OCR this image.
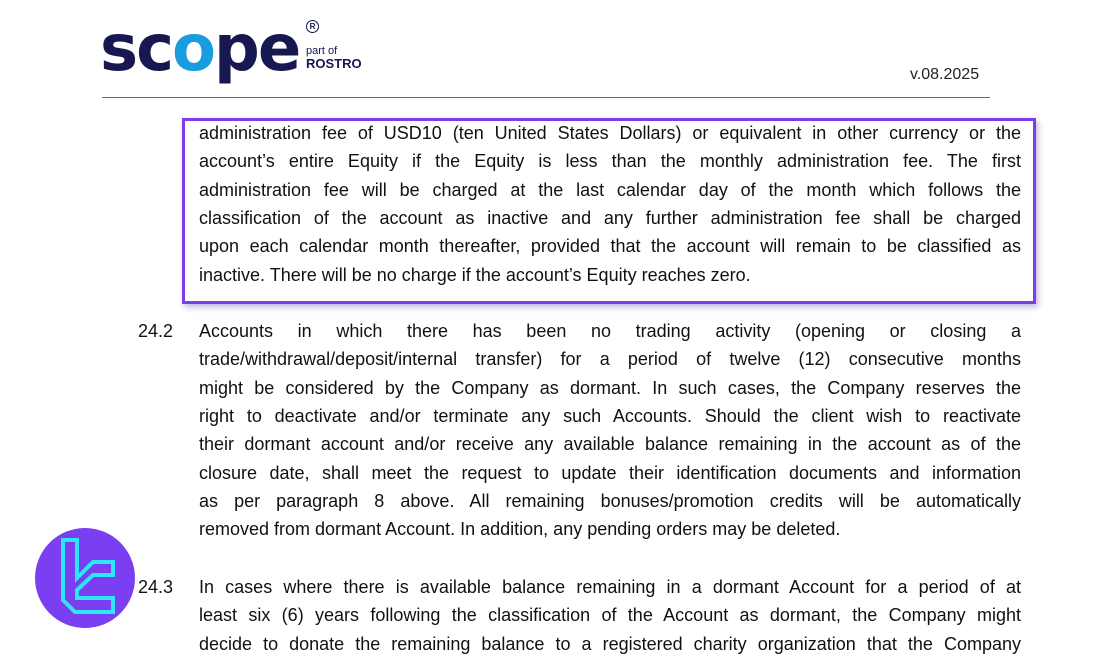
scope	R
part of
ROSTRO
v.08.2025
administration fee of USD10 (ten United States Dollars) or equivalent in other currency or the
account’s entire Equity if the Equity is less than the monthly administration fee. The first
administration fee will be charged at the last calendar day of the month which follows the
classification of the account as inactive and any further administration fee shall be charged
upon each calendar month thereafter, provided that the account will remain to be classified as
inactive. There will be no charge if the account’s Equity reaches zero.
24.2 Accounts in which there has been no trading activity (opening or closing a
trade/withdrawal/deposit/internal transfer) for a period of twelve (12) consecutive months
might be considered by the Company as dormant. In such cases, the Company reserves the
right to deactivate and/or terminate any such Accounts. Should the client wish to reactivate
their dormant account and/or receive any available balance remaining in the account as of the
closure date, shall meet the request to update their identification documents and information
as per paragraph 8 above. All remaining bonuses/promotion credits will be automatically
removed from dormant Account. In addition, any pending orders may be deleted.
24.3 In cases where there is available balance remaining in a dormant Account for a period of at
least six (6) years following the classification of the Account as dormant, the Company might
decide to donate the remaining balance to a registered charity organization that the Company
